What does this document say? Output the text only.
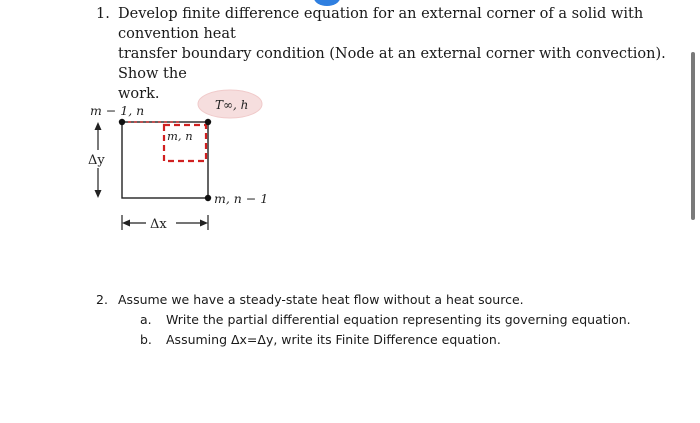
1. Develop finite difference equation for an external corner of a solid with convention heat
transfer boundary condition (Node at an external corner with convection). Show the
work.
T∞, h
m − 1, n
m, n
m, n − 1
Δy
Δx
2. Assume we have a steady-state heat flow without a heat source.
a. Write the partial differential equation representing its governing equation.
b. Assuming Δx=Δy, write its Finite Difference equation.
